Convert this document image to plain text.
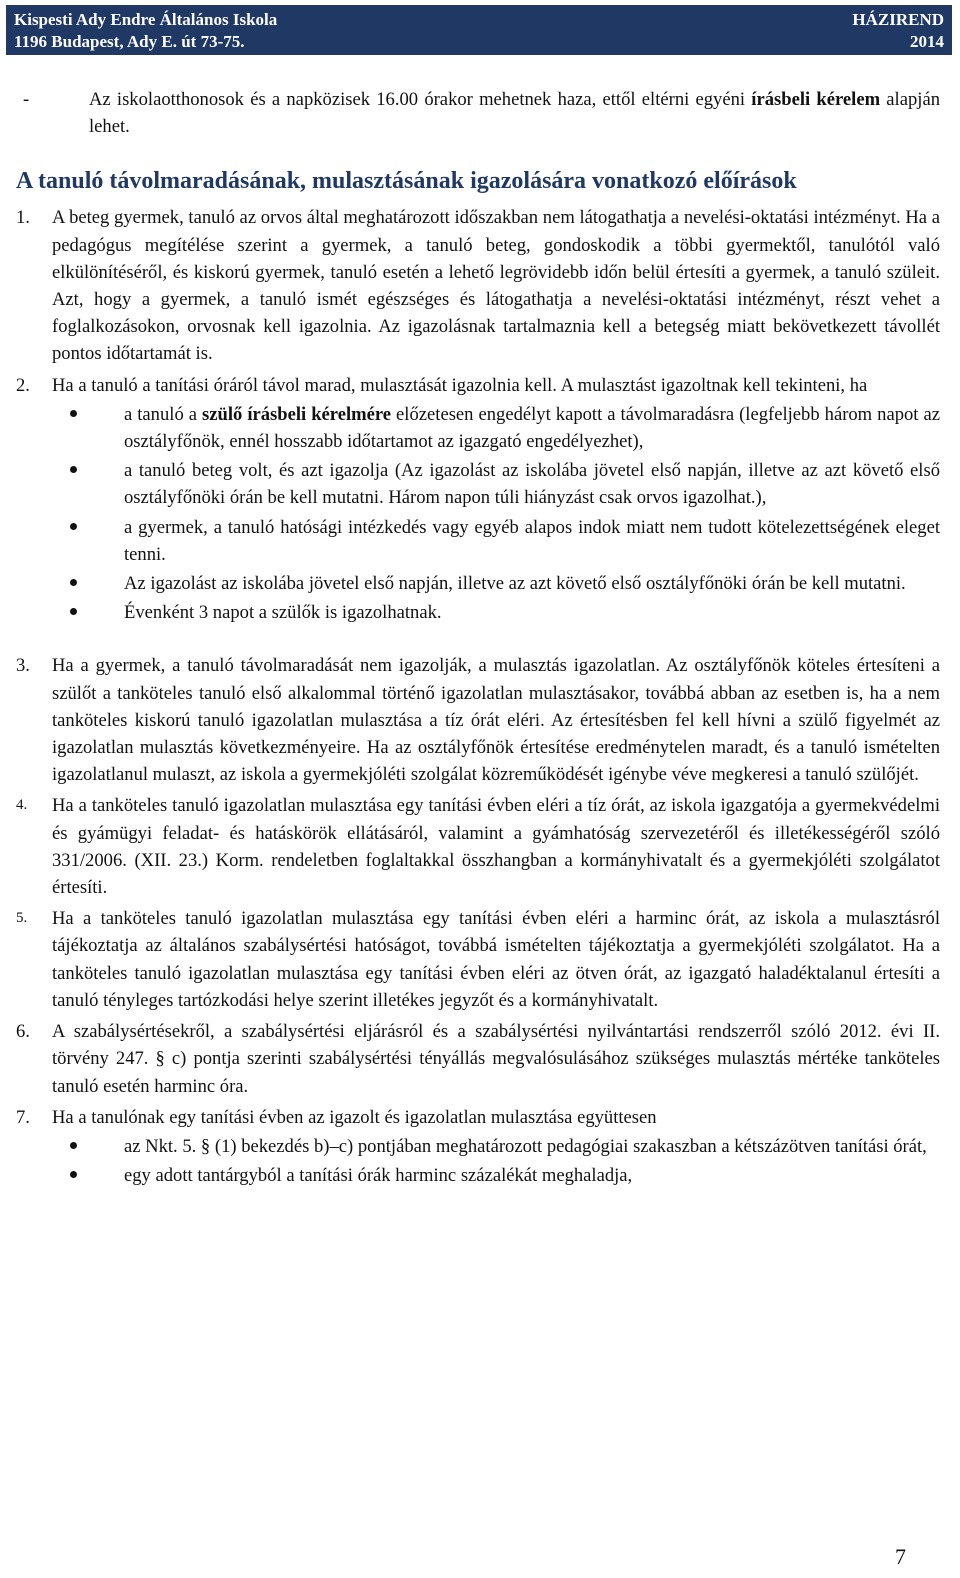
Kispesti Ady Endre Általános Iskola	HÁZIREND
1196 Budapest, Ady E. út 73-75.	2014
-	Az iskolaotthonosok és a napközisek 16.00 órakor mehetnek haza, ettől eltérni egyéni írásbeli kérelem alapján lehet.

A tanuló távolmaradásának, mulasztásának igazolására vonatkozó előírások
1.	A beteg gyermek, tanuló az orvos által meghatározott időszakban nem látogathatja a nevelési-oktatási intézményt. Ha a pedagógus megítélése szerint a gyermek, a tanuló beteg, gondoskodik a többi gyermektől, tanulótól való elkülönítéséről, és kiskorú gyermek, tanuló esetén a lehető legrövidebb időn belül értesíti a gyermek, a tanuló szüleit. Azt, hogy a gyermek, a tanuló ismét egészséges és látogathatja a nevelési-oktatási intézményt, részt vehet a foglalkozásokon, orvosnak kell igazolnia. Az igazolásnak tartalmaznia kell a betegség miatt bekövetkezett távollét pontos időtartamát is.

2.	Ha a tanuló a tanítási óráról távol marad, mulasztását igazolnia kell. A mulasztást igazoltnak kell tekinteni, ha

a tanuló a szülő írásbeli kérelmére előzetesen engedélyt kapott a távolmaradásra (legfeljebb három napot az osztályfőnök, ennél hosszabb időtartamot az igazgató engedélyezhet),

a tanuló beteg volt, és azt igazolja (Az igazolást az iskolába jövetel első napján, illetve az azt követő első osztályfőnöki órán be kell mutatni. Három napon túli hiányzást csak orvos igazolhat.),

a gyermek, a tanuló hatósági intézkedés vagy egyéb alapos indok miatt nem tudott kötelezettségének eleget tenni.

Az igazolást az iskolába jövetel első napján, illetve az azt követő első osztályfőnöki órán be kell mutatni.

Évenként 3 napot a szülők is igazolhatnak.

3.	Ha a gyermek, a tanuló távolmaradását nem igazolják, a mulasztás igazolatlan. Az osztályfőnök köteles értesíteni a szülőt a tanköteles tanuló első alkalommal történő igazolatlan mulasztásakor, továbbá abban az esetben is, ha a nem tanköteles kiskorú tanuló igazolatlan mulasztása a tíz órát eléri. Az értesítésben fel kell hívni a szülő figyelmét az igazolatlan mulasztás következményeire. Ha az osztályfőnök értesítése eredménytelen maradt, és a tanuló ismételten igazolatlanul mulaszt, az iskola a gyermekjóléti szolgálat közreműködését igénybe véve megkeresi a tanuló szülőjét.

4.	Ha a tanköteles tanuló igazolatlan mulasztása egy tanítási évben eléri a tíz órát, az iskola igazgatója a gyermekvédelmi és gyámügyi feladat- és hatáskörök ellátásáról, valamint a gyámhatóság szervezetéről és illetékességéről szóló 331/2006. (XII. 23.) Korm. rendeletben foglaltakkal összhangban a kormányhivatalt és a gyermekjóléti szolgálatot értesíti.

5.	Ha a tanköteles tanuló igazolatlan mulasztása egy tanítási évben eléri a harminc órát, az iskola a mulasztásról tájékoztatja az általános szabálysértési hatóságot, továbbá ismételten tájékoztatja a gyermekjóléti szolgálatot. Ha a tanköteles tanuló igazolatlan mulasztása egy tanítási évben eléri az ötven órát, az igazgató haladéktalanul értesíti a tanuló tényleges tartózkodási helye szerint illetékes jegyzőt és a kormányhivatalt.

6.	A szabálysértésekről, a szabálysértési eljárásról és a szabálysértési nyilvántartási rendszerről szóló 2012. évi II. törvény 247. § c) pontja szerinti szabálysértési tényállás megvalósulásához szükséges mulasztás mértéke tanköteles tanuló esetén harminc óra.

7.	Ha a tanulónak egy tanítási évben az igazolt és igazolatlan mulasztása együttesen

az Nkt. 5. § (1) bekezdés b)–c) pontjában meghatározott pedagógiai szakaszban a kétszázötven tanítási órát,

egy adott tantárgyból a tanítási órák harminc százalékát meghaladja,

7
